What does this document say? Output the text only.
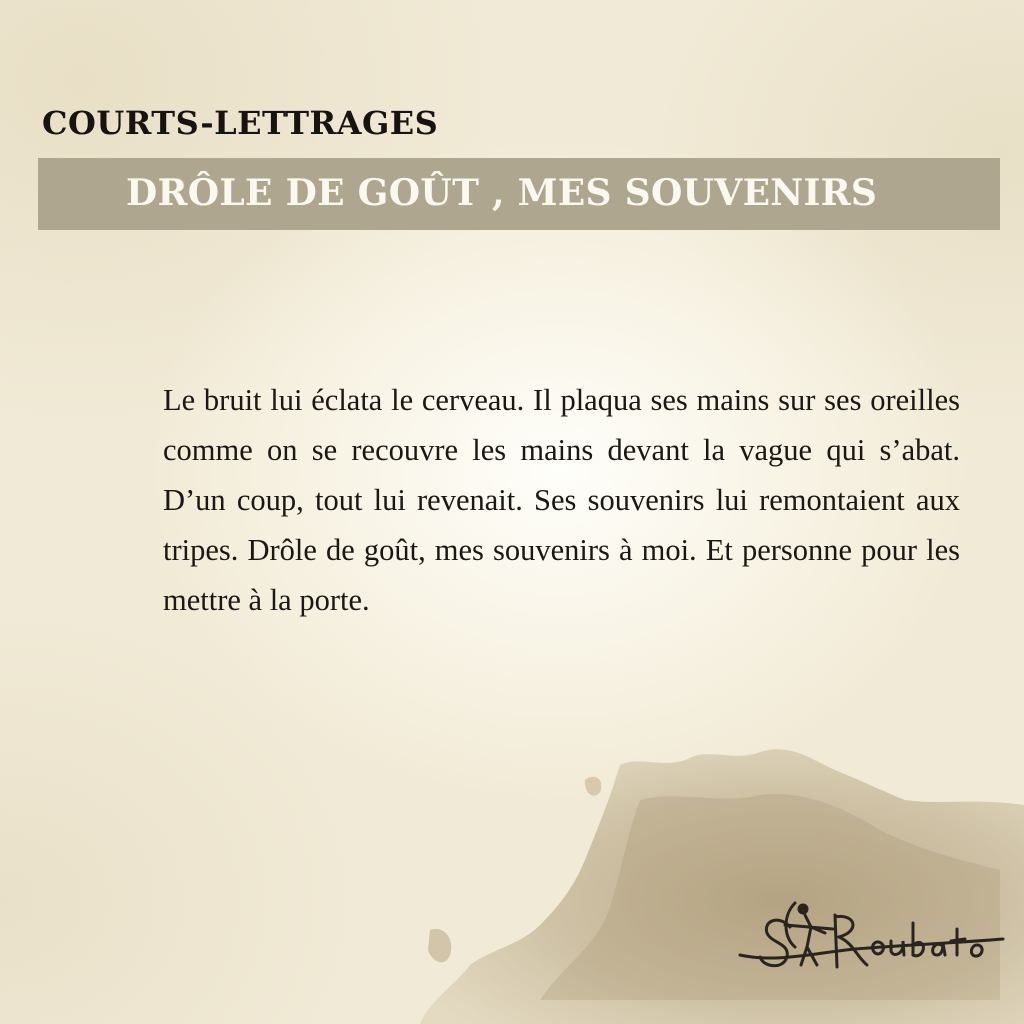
COURTS-LETTRAGES
DRÔLE DE GOÛT , MES SOUVENIRS

Le bruit lui éclata le cerveau. Il plaqua ses mains sur ses oreilles comme on se recouvre les mains devant la vague qui s’abat. D’un coup, tout lui revenait. Ses souvenirs lui remontaient aux tripes. Drôle de goût, mes souvenirs à moi. Et personne pour les mettre à la porte.
